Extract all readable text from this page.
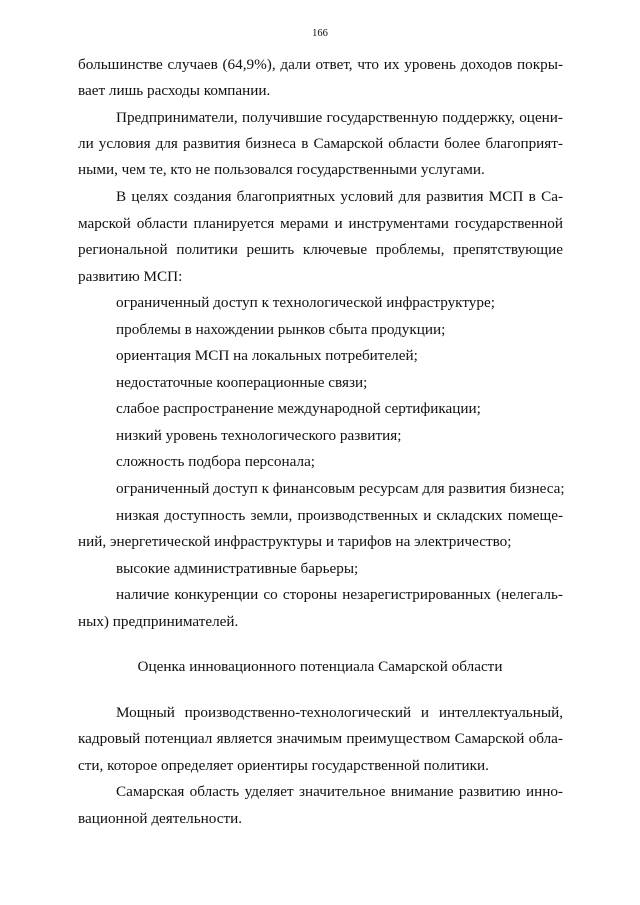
166
большинстве случаев (64,9%), дали ответ, что их уровень доходов покры-
вает лишь расходы компании.
Предприниматели, получившие государственную поддержку, оцени-
ли условия для развития бизнеса в Самарской области более благоприят-
ными, чем те, кто не пользовался государственными услугами.
В целях создания благоприятных условий для развития МСП в Са-
марской области планируется мерами и инструментами государственной
региональной политики решить ключевые проблемы, препятствующие
развитию МСП:
ограниченный доступ к технологической инфраструктуре;
проблемы в нахождении рынков сбыта продукции;
ориентация МСП на локальных потребителей;
недостаточные кооперационные связи;
слабое распространение международной сертификации;
низкий уровень технологического развития;
сложность подбора персонала;
ограниченный доступ к финансовым ресурсам для развития бизнеса;
низкая доступность земли, производственных и складских помеще-
ний, энергетической инфраструктуры и тарифов на электричество;
высокие административные барьеры;
наличие конкуренции со стороны незарегистрированных (нелегаль-
ных) предпринимателей.
Оценка инновационного потенциала Самарской области
Мощный производственно-технологический и интеллектуальный,
кадровый потенциал является значимым преимуществом Самарской обла-
сти, которое определяет ориентиры государственной политики.
Самарская область уделяет значительное внимание развитию инно-
вационной деятельности.
